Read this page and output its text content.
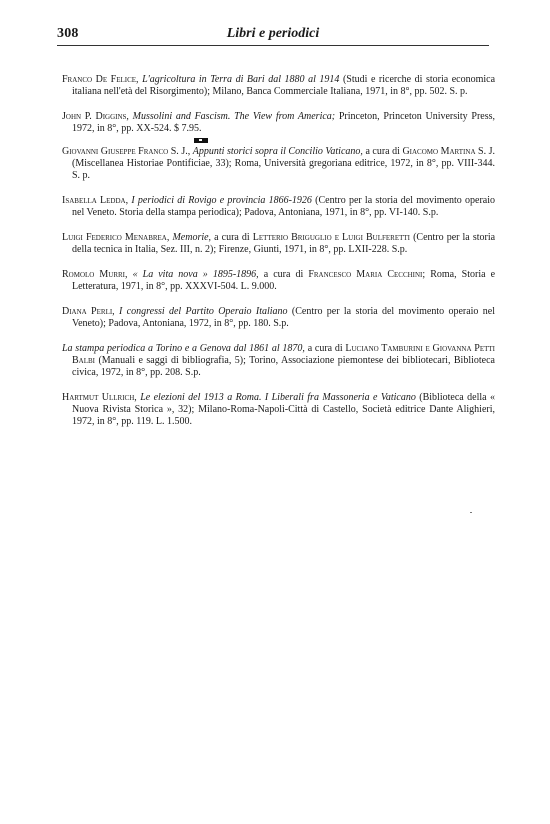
308	Libri e periodici

Franco De Felice, L'agricoltura in Terra di Bari dal 1880 al 1914 (Studi e ricerche di storia economica italiana nell'età del Risorgimento); Milano, Banca Commerciale Italiana, 1971, in 8°, pp. 502. S. p.

John P. Diggins, Mussolini and Fascism. The View from America; Princeton, Princeton University Press, 1972, in 8°, pp. XX-524. $ 7.95.

Giovanni Giuseppe Franco S. J., Appunti storici sopra il Concilio Vaticano, a cura di Giacomo Martina S. J. (Miscellanea Historiae Pontificiae, 33); Roma, Università gregoriana editrice, 1972, in 8°, pp. VIII-344. S. p.

Isabella Ledda, I periodici di Rovigo e provincia 1866-1926 (Centro per la storia del movimento operaio nel Veneto. Storia della stampa periodica); Padova, Antoniana, 1971, in 8°, pp. VI-140. S.p.

Luigi Federico Menabrea, Memorie, a cura di Letterio Briguglio e Luigi Bulferetti (Centro per la storia della tecnica in Italia, Sez. III, n. 2); Firenze, Giunti, 1971, in 8°, pp. LXII-228. S.p.

Romolo Murri, « La vita nova » 1895-1896, a cura di Francesco Maria Cecchini; Roma, Storia e Letteratura, 1971, in 8°, pp. XXXVI-504. L. 9.000.

Diana Perli, I congressi del Partito Operaio Italiano (Centro per la storia del movimento operaio nel Veneto); Padova, Antoniana, 1972, in 8°, pp. 180. S.p.

La stampa periodica a Torino e a Genova dal 1861 al 1870, a cura di Luciano Tamburini e Giovanna Petti Balbi (Manuali e saggi di bibliografia, 5); Torino, Associazione piemontese dei bibliotecari, Biblioteca civica, 1972, in 8°, pp. 208. S.p.

Hartmut Ullrich, Le elezioni del 1913 a Roma. I Liberali fra Massoneria e Vaticano (Biblioteca della « Nuova Rivista Storica », 32); Milano-Roma-Napoli-Città di Castello, Società editrice Dante Alighieri, 1972, in 8°, pp. 119. L. 1.500.
